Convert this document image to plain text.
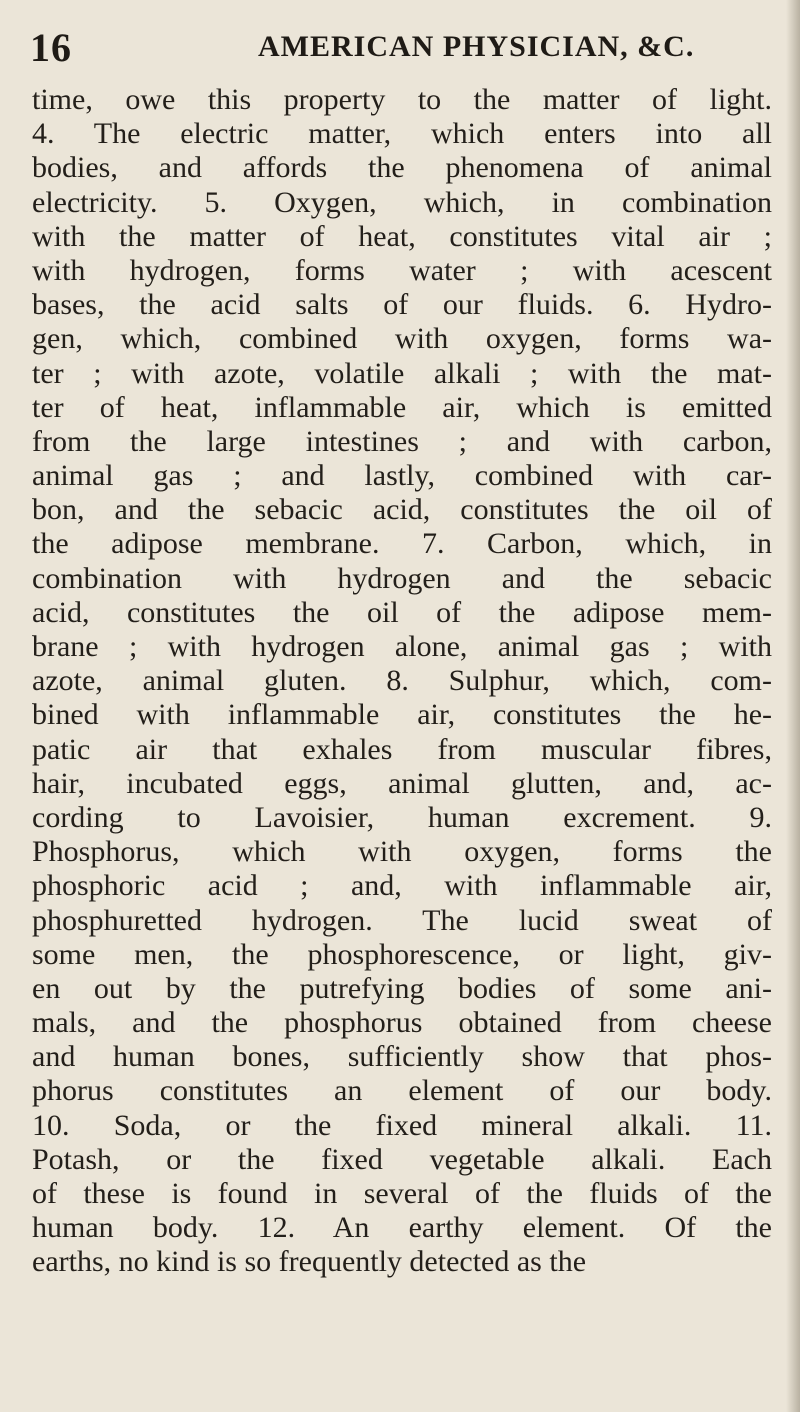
16	AMERICAN PHYSICIAN, &C.
time, owe this property to the matter of light.
4. The electric matter, which enters into all
bodies, and affords the phenomena of animal
electricity. 5. Oxygen, which, in combination
with the matter of heat, constitutes vital air ;
with hydrogen, forms water ; with acescent
bases, the acid salts of our fluids. 6. Hydro-
gen, which, combined with oxygen, forms wa-
ter ; with azote, volatile alkali ; with the mat-
ter of heat, inflammable air, which is emitted
from the large intestines ; and with carbon,
animal gas ; and lastly, combined with car-
bon, and the sebacic acid, constitutes the oil of
the adipose membrane. 7. Carbon, which, in
combination with hydrogen and the sebacic
acid, constitutes the oil of the adipose mem-
brane ; with hydrogen alone, animal gas ; with
azote, animal gluten. 8. Sulphur, which, com-
bined with inflammable air, constitutes the he-
patic air that exhales from muscular fibres,
hair, incubated eggs, animal glutten, and, ac-
cording to Lavoisier, human excrement. 9.
Phosphorus, which with oxygen, forms the
phosphoric acid ; and, with inflammable air,
phosphuretted hydrogen. The lucid sweat of
some men, the phosphorescence, or light, giv-
en out by the putrefying bodies of some ani-
mals, and the phosphorus obtained from cheese
and human bones, sufficiently show that phos-
phorus constitutes an element of our body.
10. Soda, or the fixed mineral alkali. 11.
Potash, or the fixed vegetable alkali. Each
of these is found in several of the fluids of the
human body. 12. An earthy element. Of the
earths, no kind is so frequently detected as the
